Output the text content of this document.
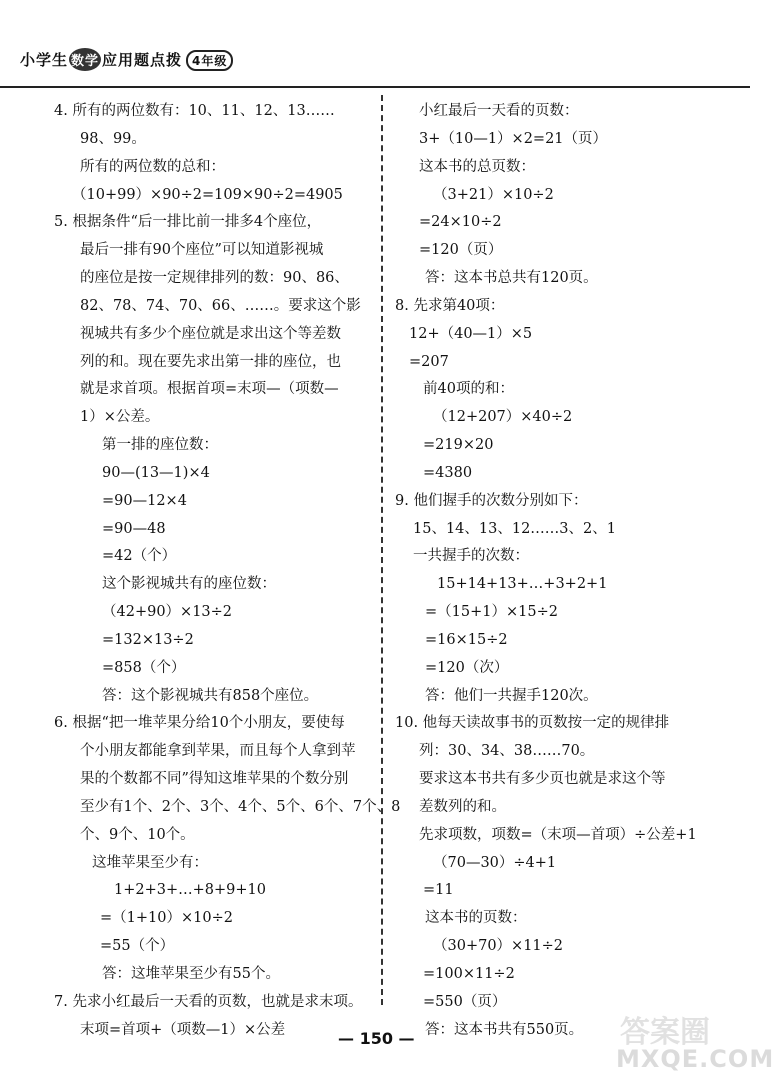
小学生 数学 应用题点拨 4年级
4. 所有的两位数有：10、11、12、13……
98、99。
所有的两位数的总和：
（10+99）×90÷2=109×90÷2=4905
5. 根据条件“后一排比前一排多4个座位，
最后一排有90个座位”可以知道影视城
的座位是按一定规律排列的数：90、86、
82、78、74、70、66、……。要求这个影
视城共有多少个座位就是求出这个等差数
列的和。现在要先求出第一排的座位，也
就是求首项。根据首项=末项—（项数—
1）×公差。
第一排的座位数：
90—(13—1)×4
=90—12×4
=90—48
=42（个）
这个影视城共有的座位数：
（42+90）×13÷2
=132×13÷2
=858（个）
答：这个影视城共有858个座位。
6. 根据“把一堆苹果分给10个小朋友，要使每
个小朋友都能拿到苹果，而且每个人拿到苹
果的个数都不同”得知这堆苹果的个数分别
至少有1个、2个、3个、4个、5个、6个、7个、8
个、9个、10个。
这堆苹果至少有：
1+2+3+…+8+9+10
=（1+10）×10÷2
=55（个）
答：这堆苹果至少有55个。
7. 先求小红最后一天看的页数，也就是求末项。
末项=首项+（项数—1）×公差
小红最后一天看的页数：
3+（10—1）×2=21（页）
这本书的总页数：
（3+21）×10÷2
=24×10÷2
=120（页）
答：这本书总共有120页。
8. 先求第40项：
12+（40—1）×5
=207
前40项的和：
（12+207）×40÷2
=219×20
=4380
9. 他们握手的次数分别如下：
15、14、13、12……3、2、1
一共握手的次数：
15+14+13+…+3+2+1
=（15+1）×15÷2
=16×15÷2
=120（次）
答：他们一共握手120次。
10. 他每天读故事书的页数按一定的规律排
列：30、34、38……70。
要求这本书共有多少页也就是求这个等
差数列的和。
先求项数，项数=（末项—首项）÷公差+1
（70—30）÷4+1
=11
这本书的页数：
（30+70）×11÷2
=100×11÷2
=550（页）
答：这本书共有550页。
— 150 —	答案圈
MXQE.COM
